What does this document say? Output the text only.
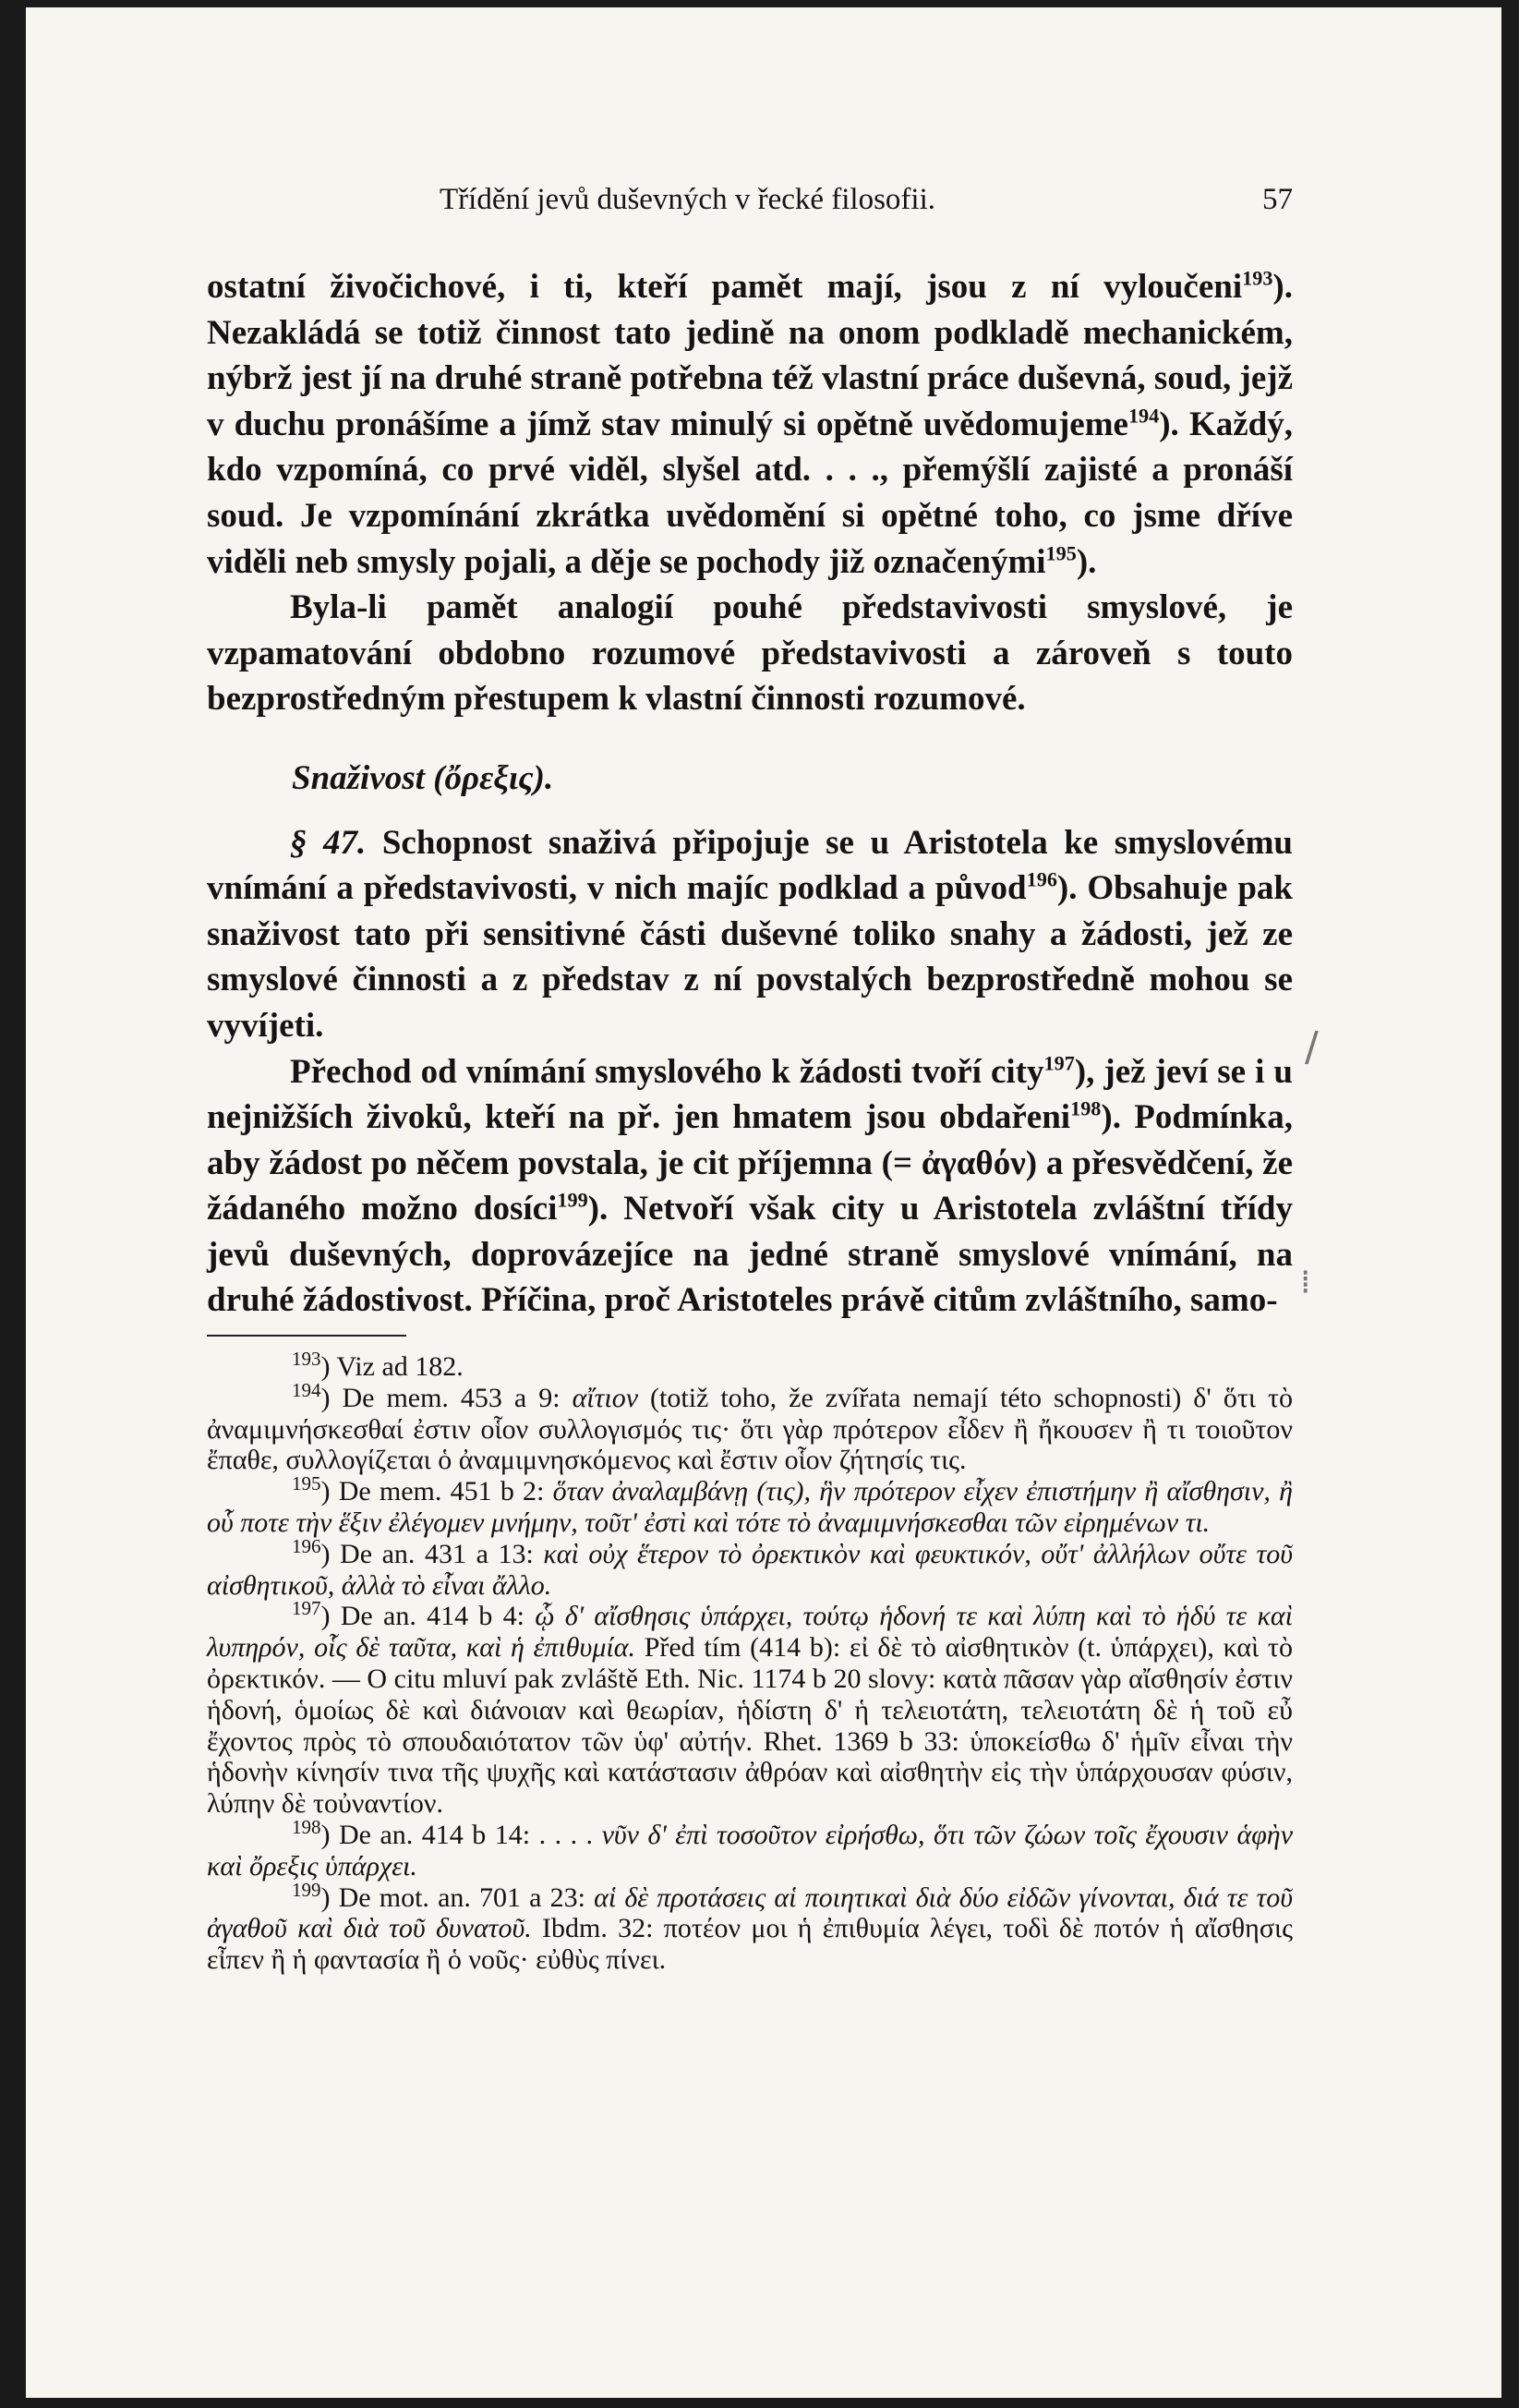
Třídění jevů duševných v řecké filosofii.	57

ostatní živočichové, i ti, kteří pamět mají, jsou z ní vyloučeni$^{193}$). Nezakládá se totiž činnost tato jedině na onom podkladě mechanickém, nýbrž jest jí na druhé straně potřebna též vlastní práce duševná, soud, jejž v duchu pronášíme a jímž stav minulý si opětně uvědomujeme$^{194}$). Každý, kdo vzpomíná, co prvé viděl, slyšel atd. . . ., přemýšlí zajisté a pronáší soud. Je vzpomínání zkrátka uvědomění si opětné toho, co jsme dříve viděli neb smysly pojali, a děje se pochody již označenými$^{195}$).

Byla-li pamět analogií pouhé představivosti smyslové, je vzpamatování obdobno rozumové představivosti a zároveň s touto bezprostředným přestupem k vlastní činnosti rozumové.

Snaživost (ὄρεξις).

§ 47. Schopnost snaživá připojuje se u Aristotela ke smyslovému vnímání a představivosti, v nich majíc podklad a původ$^{196}$). Obsahuje pak snaživost tato při sensitivné části duševné toliko snahy a žádosti, jež ze smyslové činnosti a z představ z ní povstalých bezprostředně mohou se vyvíjeti.

Přechod od vnímání smyslového k žádosti tvoří city$^{197}$), jež jeví se i u nejnižších živoků, kteří na př. jen hmatem jsou obdařeni$^{198}$). Podmínka, aby žádost po něčem povstala, je cit příjemna (= ἀγαθόν) a přesvědčení, že žádaného možno dosíci$^{199}$). Netvoří však city u Aristotela zvláštní třídy jevů duševných, doprovázejíce na jedné straně smyslové vnímání, na druhé žádostivost. Příčina, proč Aristoteles právě citům zvláštního, samo-

$^{193}$) Viz ad 182.

$^{194}$) De mem. 453 a 9: αἴτιον (totiž toho, že zvířata nemají této schopnosti) δ' ὅτι τὸ ἀναμιμνήσκεσθαί ἐστιν οἷον συλλογισμός τις· ὅτι γὰρ πρότερον εἶδεν ἢ ἤκουσεν ἢ τι τοιοῦτον ἔπαθε, συλλογίζεται ὁ ἀναμιμνησκόμενος καὶ ἔστιν οἷον ζήτησίς τις.

$^{195}$) De mem. 451 b 2: ὅταν ἀναλαμβάνῃ (τις), ἣν πρότερον εἶχεν ἐπιστήμην ἢ αἴσθησιν, ἢ οὗ ποτε τὴν ἕξιν ἐλέγομεν μνήμην, τοῦτ' ἐστὶ καὶ τότε τὸ ἀναμιμνήσκεσθαι τῶν εἰρημένων τι.

$^{196}$) De an. 431 a 13: καὶ οὐχ ἕτερον τὸ ὀρεκτικὸν καὶ φευκτικόν, οὔτ' ἀλλήλων οὔτε τοῦ αἰσθητικοῦ, ἀλλὰ τὸ εἶναι ἄλλο.

$^{197}$) De an. 414 b 4: ᾧ δ' αἴσθησις ὑπάρχει, τούτῳ ἡδονή τε καὶ λύπη καὶ τὸ ἡδύ τε καὶ λυπηρόν, οἷς δὲ ταῦτα, καὶ ἡ ἐπιθυμία. Před tím (414 b): εἰ δὲ τὸ αἰσθητικὸν (t. ὑπάρχει), καὶ τὸ ὀρεκτικόν. — O citu mluví pak zvláště Eth. Nic. 1174 b 20 slovy: κατὰ πᾶσαν γὰρ αἴσθησίν ἐστιν ἡδονή, ὁμοίως δὲ καὶ διάνοιαν καὶ θεωρίαν, ἡδίστη δ' ἡ τελειοτάτη, τελειοτάτη δὲ ἡ τοῦ εὖ ἔχοντος πρὸς τὸ σπουδαιότατον τῶν ὑφ' αὐτήν. Rhet. 1369 b 33: ὑποκείσθω δ' ἡμῖν εἶναι τὴν ἡδονὴν κίνησίν τινα τῆς ψυχῆς καὶ κατάστασιν ἀθρόαν καὶ αἰσθητὴν εἰς τὴν ὑπάρχουσαν φύσιν, λύπην δὲ τοὐναντίον.

$^{198}$) De an. 414 b 14: . . . . νῦν δ' ἐπὶ τοσοῦτον εἰρήσθω, ὅτι τῶν ζώων τοῖς ἔχουσιν ἁφὴν καὶ ὄρεξις ὑπάρχει.

$^{199}$) De mot. an. 701 a 23: αἱ δὲ προτάσεις αἱ ποιητικαὶ διὰ δύο εἰδῶν γίνονται, διά τε τοῦ ἀγαθοῦ καὶ διὰ τοῦ δυνατοῦ. Ibdm. 32: ποτέον μοι ἡ ἐπιθυμία λέγει, τοδὶ δὲ ποτόν ἡ αἴσθησις εἶπεν ἢ ἡ φαντασία ἢ ὁ νοῦς· εὐθὺς πίνει.

/
⁞
